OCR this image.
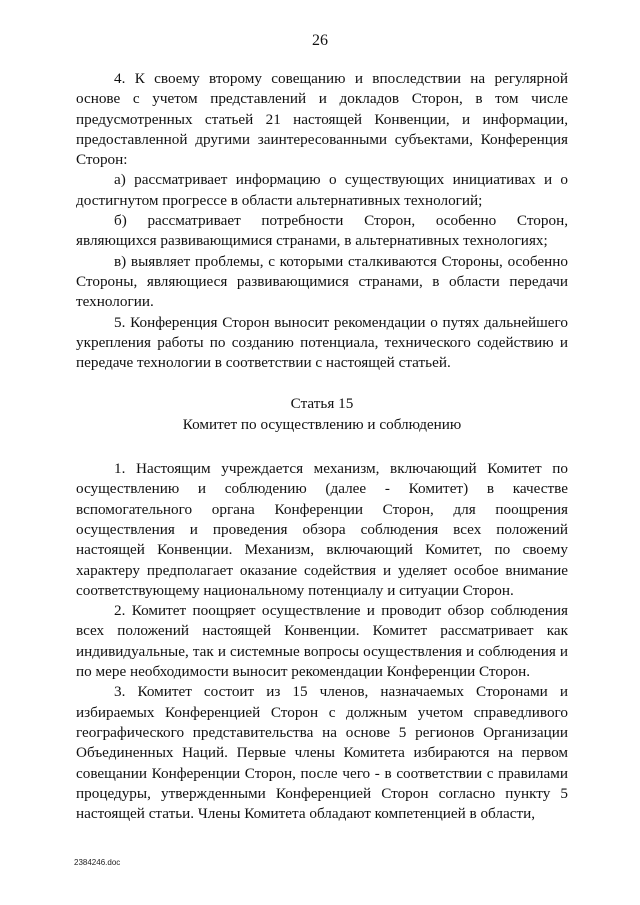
26

4. К своему второму совещанию и впоследствии на регулярной основе с учетом представлений и докладов Сторон, в том числе предусмотренных статьей 21 настоящей Конвенции, и информации, предоставленной другими заинтересованными субъектами, Конференция Сторон:

а) рассматривает информацию о существующих инициативах и о достигнутом прогрессе в области альтернативных технологий;

б) рассматривает потребности Сторон, особенно Сторон, являющихся развивающимися странами, в альтернативных технологиях;

в) выявляет проблемы, с которыми сталкиваются Стороны, особенно Стороны, являющиеся развивающимися странами, в области передачи технологии.

5. Конференция Сторон выносит рекомендации о путях дальнейшего укрепления работы по созданию потенциала, технического содействию и передаче технологии в соответствии с настоящей статьей.

Статья 15
Комитет по осуществлению и соблюдению

1. Настоящим учреждается механизм, включающий Комитет по осуществлению и соблюдению (далее - Комитет) в качестве вспомогательного органа Конференции Сторон, для поощрения осуществления и проведения обзора соблюдения всех положений настоящей Конвенции. Механизм, включающий Комитет, по своему характеру предполагает оказание содействия и уделяет особое внимание соответствующему национальному потенциалу и ситуации Сторон.

2. Комитет поощряет осуществление и проводит обзор соблюдения всех положений настоящей Конвенции. Комитет рассматривает как индивидуальные, так и системные вопросы осуществления и соблюдения и по мере необходимости выносит рекомендации Конференции Сторон.

3. Комитет состоит из 15 членов, назначаемых Сторонами и избираемых Конференцией Сторон с должным учетом справедливого географического представительства на основе 5 регионов Организации Объединенных Наций. Первые члены Комитета избираются на первом совещании Конференции Сторон, после чего - в соответствии с правилами процедуры, утвержденными Конференцией Сторон согласно пункту 5 настоящей статьи. Члены Комитета обладают компетенцией в области,

2384246.doc
